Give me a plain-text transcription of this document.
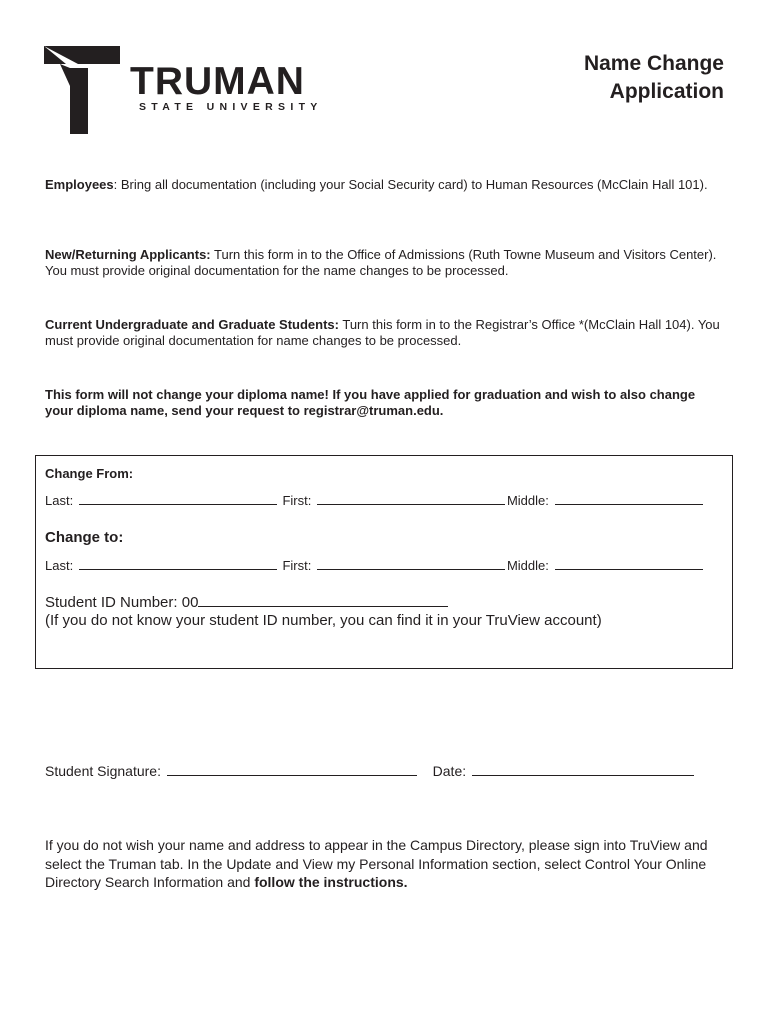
TRUMAN
STATE UNIVERSITY
Name Change
Application
Employees: Bring all documentation (including your Social Security card) to Human Resources (McClain Hall 101).
New/Returning Applicants: Turn this form in to the Office of Admissions (Ruth Towne Museum and Visitors Center). You must provide original documentation for the name changes to be processed.
Current Undergraduate and Graduate Students: Turn this form in to the Registrar’s Office *(McClain Hall 104). You must provide original documentation for name changes to be processed.
This form will not change your diploma name! If you have applied for graduation and wish to also change your diploma name, send your request to registrar@truman.edu.
Change From:
Last:	First:	Middle:
Change to:
Last:	First:	Middle:
Student ID Number: 00
(If you do not know your student ID number, you can find it in your TruView account)
Student Signature:	Date:
If you do not wish your name and address to appear in the Campus Directory, please sign into TruView and select the Truman tab. In the Update and View my Personal Information section, select Control Your Online Directory Search Information and follow the instructions.
